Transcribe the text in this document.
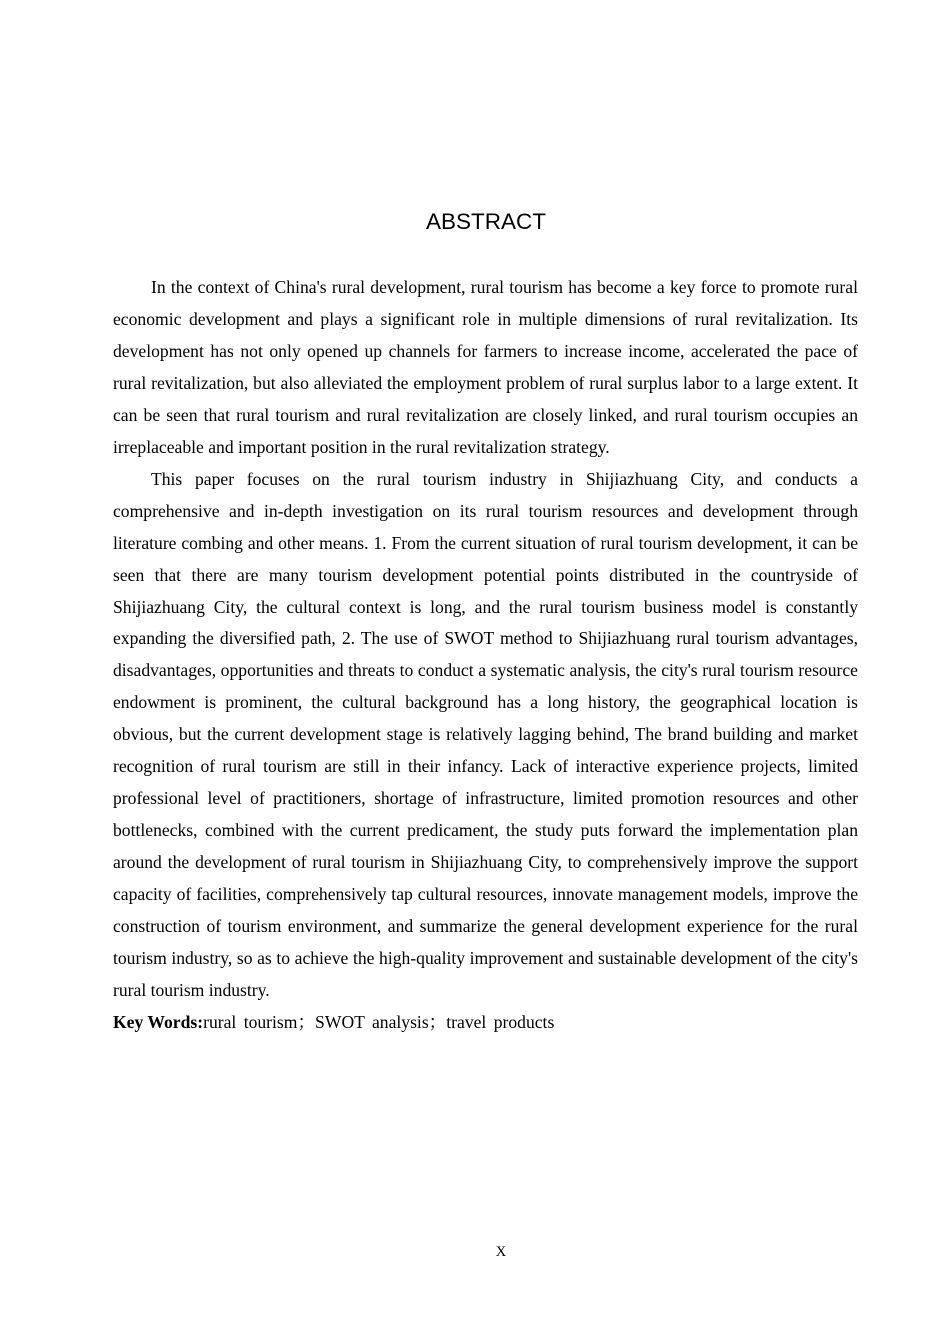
ABSTRACT

In the context of China's rural development, rural tourism has become a key force to promote rural economic development and plays a significant role in multiple dimensions of rural revitalization. Its development has not only opened up channels for farmers to increase income, accelerated the pace of rural revitalization, but also alleviated the employment problem of rural surplus labor to a large extent. It can be seen that rural tourism and rural revitalization are closely linked, and rural tourism occupies an irreplaceable and important position in the rural revitalization strategy.

This paper focuses on the rural tourism industry in Shijiazhuang City, and conducts a comprehensive and in-depth investigation on its rural tourism resources and development through literature combing and other means. 1. From the current situation of rural tourism development, it can be seen that there are many tourism development potential points distributed in the countryside of Shijiazhuang City, the cultural context is long, and the rural tourism business model is constantly expanding the diversified path, 2. The use of SWOT method to Shijiazhuang rural tourism advantages, disadvantages, opportunities and threats to conduct a systematic analysis, the city's rural tourism resource endowment is prominent, the cultural background has a long history, the geographical location is obvious, but the current development stage is relatively lagging behind, The brand building and market recognition of rural tourism are still in their infancy. Lack of interactive experience projects, limited professional level of practitioners, shortage of infrastructure, limited promotion resources and other bottlenecks, combined with the current predicament, the study puts forward the implementation plan around the development of rural tourism in Shijiazhuang City, to comprehensively improve the support capacity of facilities, comprehensively tap cultural resources, innovate management models, improve the construction of tourism environment, and summarize the general development experience for the rural tourism industry, so as to achieve the high-quality improvement and sustainable development of the city's rural tourism industry.

Key Words:rural tourism；SWOT analysis；travel products

X
